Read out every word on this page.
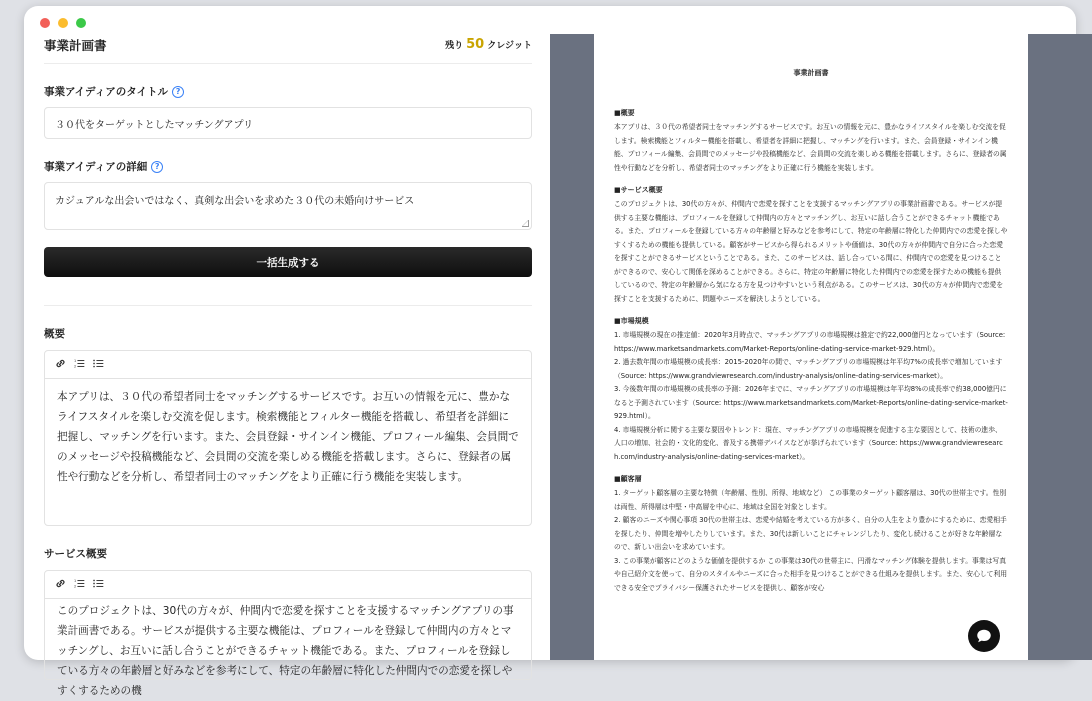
事業計画書	残り 50 クレジット
事業アイディアのタイトル ?
３０代をターゲットとしたマッチングアプリ
事業アイディアの詳細 ?
カジュアルな出会いではなく、真剣な出会いを求めた３０代の未婚向けサービス
一括生成する
概要
1
2
本アプリは、３０代の希望者同士をマッチングするサービスです。お互いの情報を元に、豊かなライフスタイルを楽しむ交流を促します。検索機能とフィルター機能を搭載し、希望者を詳細に把握し、マッチングを行います。また、会員登録・サインイン機能、プロフィール編集、会員間でのメッセージや投稿機能など、会員間の交流を楽しめる機能を搭載します。さらに、登録者の属性や行動などを分析し、希望者同士のマッチングをより正確に行う機能を実装します。
サービス概要
1
2
このプロジェクトは、30代の方々が、仲間内で恋愛を探すことを支援するマッチングアプリの事業計画書である。サービスが提供する主要な機能は、プロフィールを登録して仲間内の方々とマッチングし、お互いに話し合うことができるチャット機能である。また、プロフィールを登録している方々の年齢層と好みなどを参考にして、特定の年齢層に特化した仲間内での恋愛を探しやすくするための機
事業計画書
■概要
本アプリは、３０代の希望者同士をマッチングするサービスです。お互いの情報を元に、豊かなライフスタイルを楽しむ交流を促します。検索機能とフィルター機能を搭載し、希望者を詳細に把握し、マッチングを行います。また、会員登録・サインイン機能、プロフィール編集、会員間でのメッセージや投稿機能など、会員間の交流を楽しめる機能を搭載します。さらに、登録者の属性や行動などを分析し、希望者同士のマッチングをより正確に行う機能を実装します。
■サービス概要
このプロジェクトは、30代の方々が、仲間内で恋愛を探すことを支援するマッチングアプリの事業計画書である。サービスが提供する主要な機能は、プロフィールを登録して仲間内の方々とマッチングし、お互いに話し合うことができるチャット機能である。また、プロフィールを登録している方々の年齢層と好みなどを参考にして、特定の年齢層に特化した仲間内での恋愛を探しやすくするための機能も提供している。顧客がサービスから得られるメリットや価値は、30代の方々が仲間内で自分に合った恋愛を探すことができるサービスということである。また、このサービスは、話し合っている間に、仲間内での恋愛を見つけることができるので、安心して関係を深めることができる。さらに、特定の年齢層に特化した仲間内での恋愛を探すための機能も提供しているので、特定の年齢層から気になる方を見つけやすいという利点がある。このサービスは、30代の方々が仲間内で恋愛を探すことを支援するために、問題やニーズを解決しようとしている。
■市場規模
1. 市場規模の現在の推定値：2020年3月時点で、マッチングアプリの市場規模は推定で約22,000億円となっています（Source: https://www.marketsandmarkets.com/Market-Reports/online-dating-service-market-929.html）。
2. 過去数年間の市場規模の成長率：2015-2020年の間で、マッチングアプリの市場規模は年平均7%の成長率で増加しています（Source: https://www.grandviewresearch.com/industry-analysis/online-dating-services-market）。
3. 今後数年間の市場規模の成長率の予測：2026年までに、マッチングアプリの市場規模は年平均8%の成長率で約38,000億円になると予測されています（Source: https://www.marketsandmarkets.com/Market-Reports/online-dating-service-market-929.html）。
4. 市場規模分析に関する主要な要因やトレンド：現在、マッチングアプリの市場規模を促進する主な要因として、技術の進歩、人口の増加、社会的・文化的変化、普及する携帯デバイスなどが挙げられています（Source: https://www.grandviewresearch.com/industry-analysis/online-dating-services-market）。
■顧客層
1. ターゲット顧客層の主要な特徴（年齢層、性別、所得、地域など） この事業のターゲット顧客層は、30代の世帯主です。性別は両性、所得層は中堅・中高層を中心に、地域は全国を対象とします。
2. 顧客のニーズや関心事項 30代の世帯主は、恋愛や結婚を考えている方が多く、自分の人生をより豊かにするために、恋愛相手を探したり、仲間を増やしたりしています。また、30代は新しいことにチャレンジしたり、変化し続けることが好きな年齢層なので、新しい出会いを求めています。
3. この事業が顧客にどのような価値を提供するか この事業は30代の世帯主に、円滑なマッチング体験を提供します。事業は写真や自己紹介文を使って、自分のスタイルやニーズに合った相手を見つけることができる仕組みを提供します。また、安心して利用できる安全でプライバシー保護されたサービスを提供し、顧客が安心
